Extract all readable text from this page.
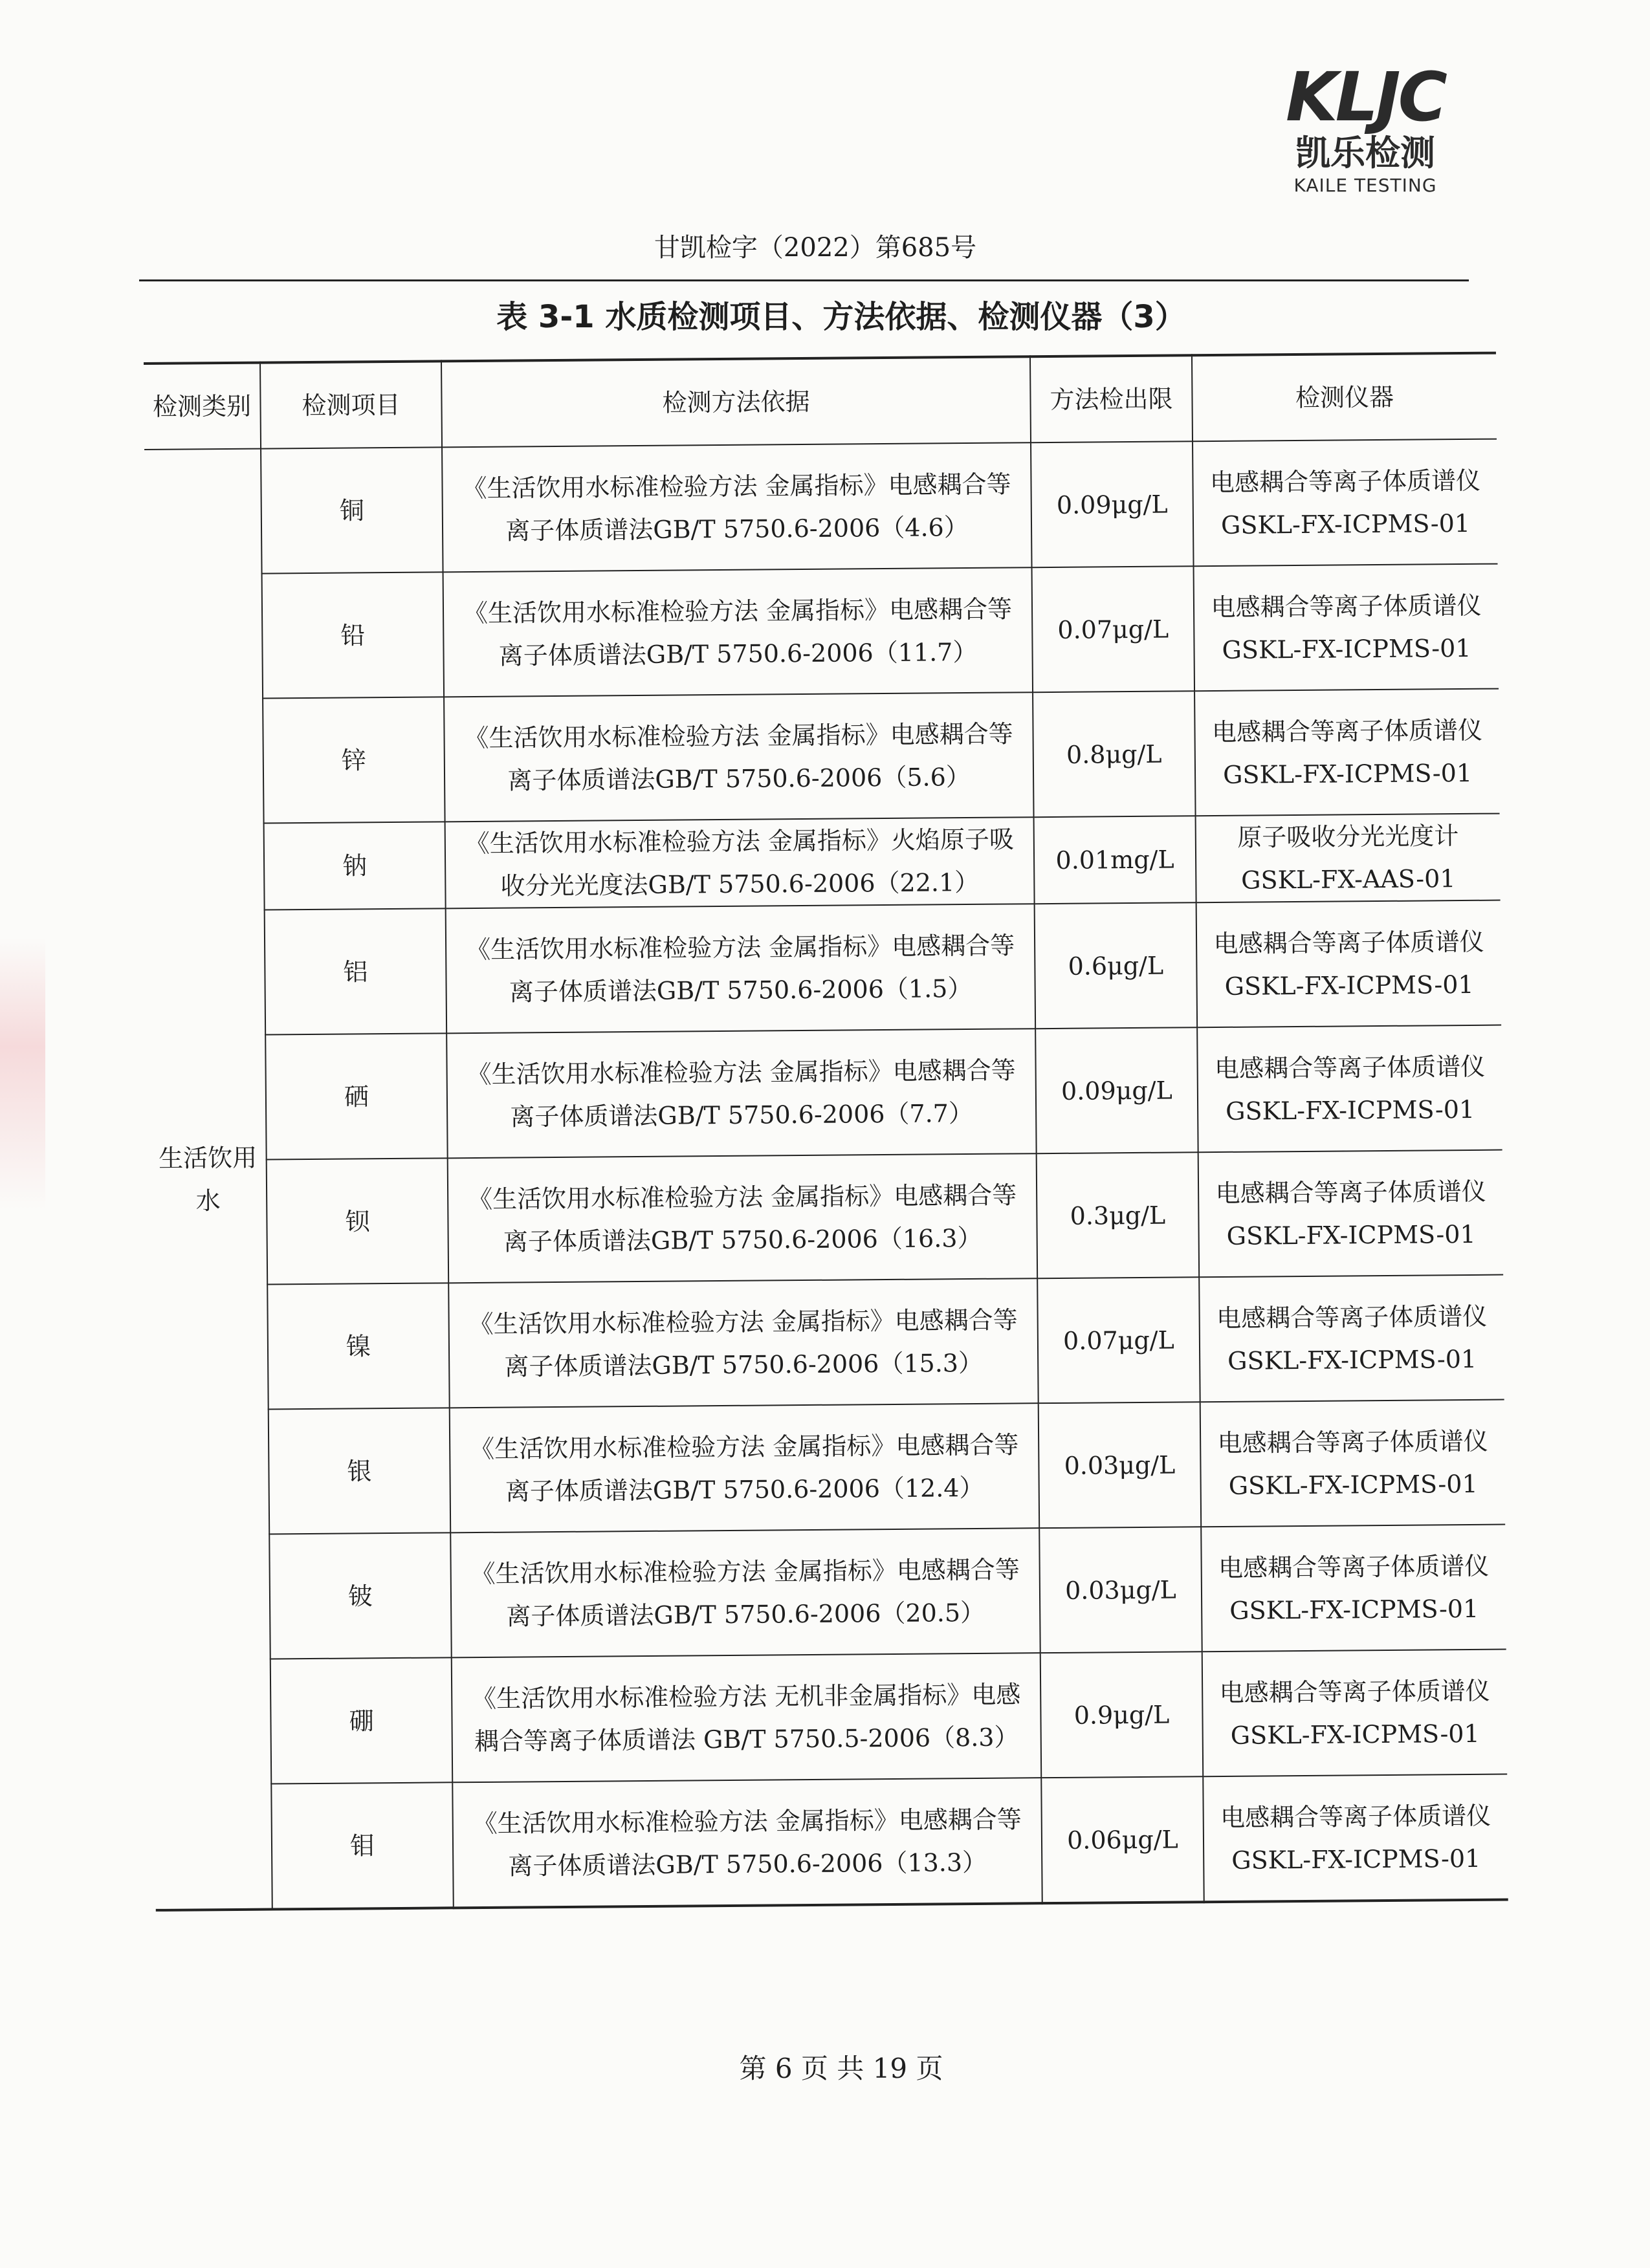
KLJC
凯乐检测
KAILE TESTING
甘凯检字（2022）第685号
表 3-1 水质检测项目、方法依据、检测仪器（3）
检测类别	检测项目	检测方法依据	方法检出限	检测仪器
生活饮用水	铜	《生活饮用水标准检验方法 金属指标》电感耦合等离子体质谱法GB/T 5750.6-2006（4.6）	0.09μg/L	电感耦合等离子体质谱仪 GSKL-FX-ICPMS-01
	铅	《生活饮用水标准检验方法 金属指标》电感耦合等离子体质谱法GB/T 5750.6-2006（11.7）	0.07μg/L	电感耦合等离子体质谱仪 GSKL-FX-ICPMS-01
	锌	《生活饮用水标准检验方法 金属指标》电感耦合等离子体质谱法GB/T 5750.6-2006（5.6）	0.8μg/L	电感耦合等离子体质谱仪 GSKL-FX-ICPMS-01
	钠	《生活饮用水标准检验方法 金属指标》火焰原子吸收分光光度法GB/T 5750.6-2006（22.1）	0.01mg/L	原子吸收分光光度计 GSKL-FX-AAS-01
	铝	《生活饮用水标准检验方法 金属指标》电感耦合等离子体质谱法GB/T 5750.6-2006（1.5）	0.6μg/L	电感耦合等离子体质谱仪 GSKL-FX-ICPMS-01
	硒	《生活饮用水标准检验方法 金属指标》电感耦合等离子体质谱法GB/T 5750.6-2006（7.7）	0.09μg/L	电感耦合等离子体质谱仪 GSKL-FX-ICPMS-01
	钡	《生活饮用水标准检验方法 金属指标》电感耦合等离子体质谱法GB/T 5750.6-2006（16.3）	0.3μg/L	电感耦合等离子体质谱仪 GSKL-FX-ICPMS-01
	镍	《生活饮用水标准检验方法 金属指标》电感耦合等离子体质谱法GB/T 5750.6-2006（15.3）	0.07μg/L	电感耦合等离子体质谱仪 GSKL-FX-ICPMS-01
	银	《生活饮用水标准检验方法 金属指标》电感耦合等离子体质谱法GB/T 5750.6-2006（12.4）	0.03μg/L	电感耦合等离子体质谱仪 GSKL-FX-ICPMS-01
	铍	《生活饮用水标准检验方法 金属指标》电感耦合等离子体质谱法GB/T 5750.6-2006（20.5）	0.03μg/L	电感耦合等离子体质谱仪 GSKL-FX-ICPMS-01
	硼	《生活饮用水标准检验方法 无机非金属指标》电感耦合等离子体质谱法 GB/T 5750.5-2006（8.3）	0.9μg/L	电感耦合等离子体质谱仪 GSKL-FX-ICPMS-01
	钼	《生活饮用水标准检验方法 金属指标》电感耦合等离子体质谱法GB/T 5750.6-2006（13.3）	0.06μg/L	电感耦合等离子体质谱仪 GSKL-FX-ICPMS-01
第 6 页 共 19 页
